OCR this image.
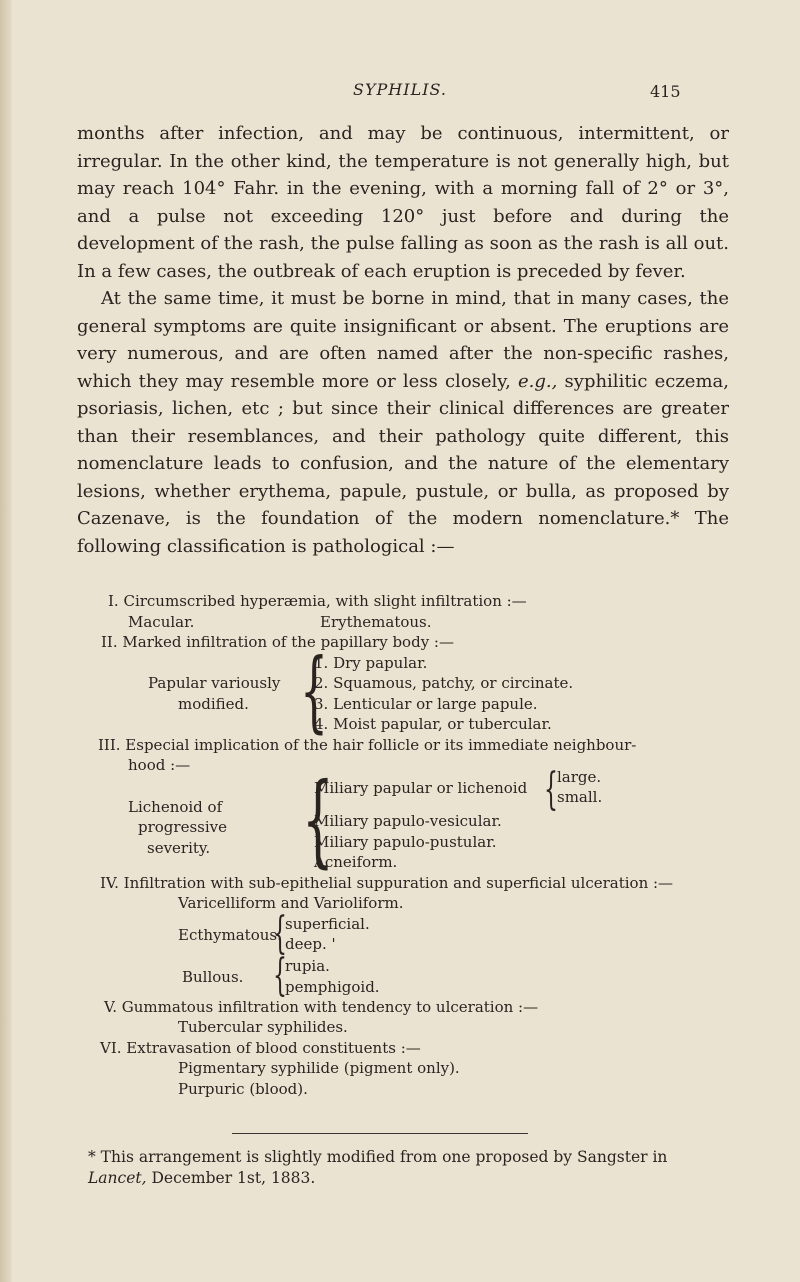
SYPHILIS.	415

months after infection, and may be continuous, intermittent, or irregular. In the other kind, the temperature is not generally high, but may reach 104° Fahr. in the evening, with a morning fall of 2° or 3°, and a pulse not exceeding 120° just before and during the development of the rash, the pulse falling as soon as the rash is all out. In a few cases, the outbreak of each eruption is preceded by fever.

At the same time, it must be borne in mind, that in many cases, the general symptoms are quite insignificant or absent. The eruptions are very numerous, and are often named after the non-specific rashes, which they may resemble more or less closely, e.g., syphilitic eczema, psoriasis, lichen, etc ; but since their clinical differences are greater than their resemblances, and their pathology quite different, this nomenclature leads to confusion, and the nature of the elementary lesions, whether erythema, papule, pustule, or bulla, as proposed by Cazenave, is the foundation of the modern nomenclature.* The following classification is pathological :—

I. Circumscribed hyperæmia, with slight infiltration :—
Macular.	Erythematous.
II. Marked infiltration of the papillary body :—
Papular variously
modified. {
1. Dry papular.
2. Squamous, patchy, or circinate.
3. Lenticular or large papule.
4. Moist papular, or tubercular.
III. Especial implication of the hair follicle or its immediate neighbour-
hood :—
Lichenoid of
progressive
severity. {
Miliary papular or lichenoid { large.
small.
Miliary papulo-vesicular.
Miliary papulo-pustular.
Acneiform.
IV. Infiltration with sub-epithelial suppuration and superficial ulceration :—
Varicelliform and Varioliform.
Ecthymatous.
{
superficial.
deep. '
Bullous. {
rupia.
pemphigoid.
V. Gummatous infiltration with tendency to ulceration :—
Tubercular syphilides.
VI. Extravasation of blood constituents :—
Pigmentary syphilide (pigment only).
Purpuric (blood).
* This arrangement is slightly modified from one proposed by Sangster in
Lancet, December 1st, 1883.
